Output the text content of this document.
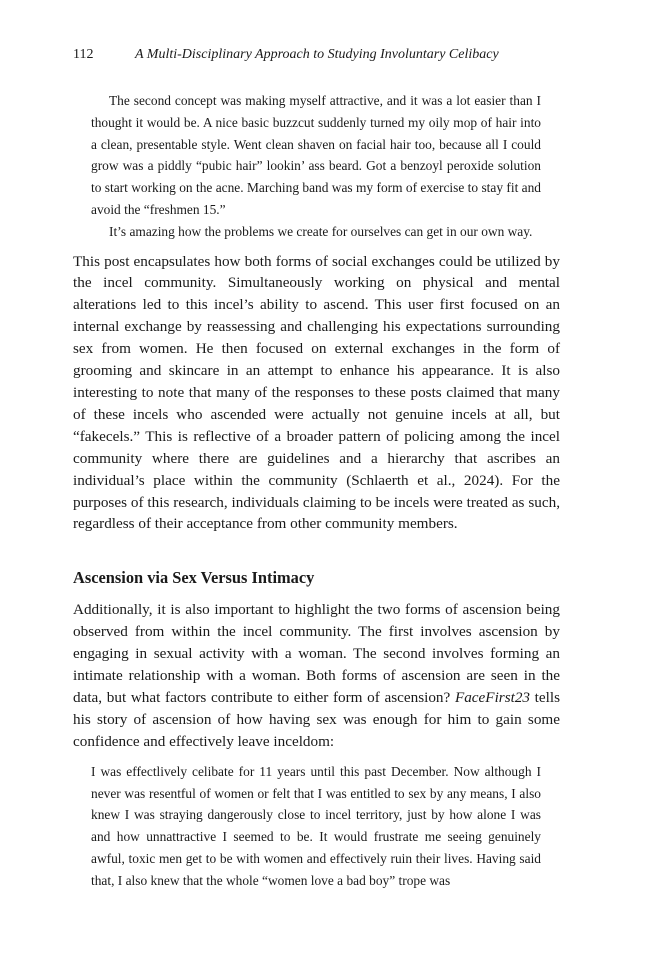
112	A Multi-Disciplinary Approach to Studying Involuntary Celibacy

The second concept was making myself attractive, and it was a lot easier than I thought it would be. A nice basic buzzcut suddenly turned my oily mop of hair into a clean, presentable style. Went clean shaven on facial hair too, because all I could grow was a piddly “pubic hair” lookin’ ass beard. Got a benzoyl peroxide solution to start working on the acne. Marching band was my form of exercise to stay fit and avoid the “freshmen 15.”

It’s amazing how the problems we create for ourselves can get in our own way.

This post encapsulates how both forms of social exchanges could be utilized by the incel community. Simultaneously working on physical and mental alterations led to this incel’s ability to ascend. This user first focused on an internal exchange by reassessing and challenging his expectations surrounding sex from women. He then focused on external exchanges in the form of grooming and skincare in an attempt to enhance his appearance. It is also interesting to note that many of the responses to these posts claimed that many of these incels who ascended were actually not genuine incels at all, but “fakecels.” This is reflective of a broader pattern of policing among the incel community where there are guidelines and a hierarchy that ascribes an individual’s place within the community (Schlaerth et al., 2024). For the purposes of this research, individuals claiming to be incels were treated as such, regardless of their acceptance from other community members.

Ascension via Sex Versus Intimacy

Additionally, it is also important to highlight the two forms of ascension being observed from within the incel community. The first involves ascension by engaging in sexual activity with a woman. The second involves forming an intimate relationship with a woman. Both forms of ascension are seen in the data, but what factors contribute to either form of ascension? FaceFirst23 tells his story of ascension of how having sex was enough for him to gain some confidence and effectively leave inceldom:

I was effectlively celibate for 11 years until this past December. Now although I never was resentful of women or felt that I was entitled to sex by any means, I also knew I was straying dangerously close to incel territory, just by how alone I was and how unnattractive I seemed to be. It would frustrate me seeing genuinely awful, toxic men get to be with women and effectively ruin their lives. Having said that, I also knew that the whole “women love a bad boy” trope was
